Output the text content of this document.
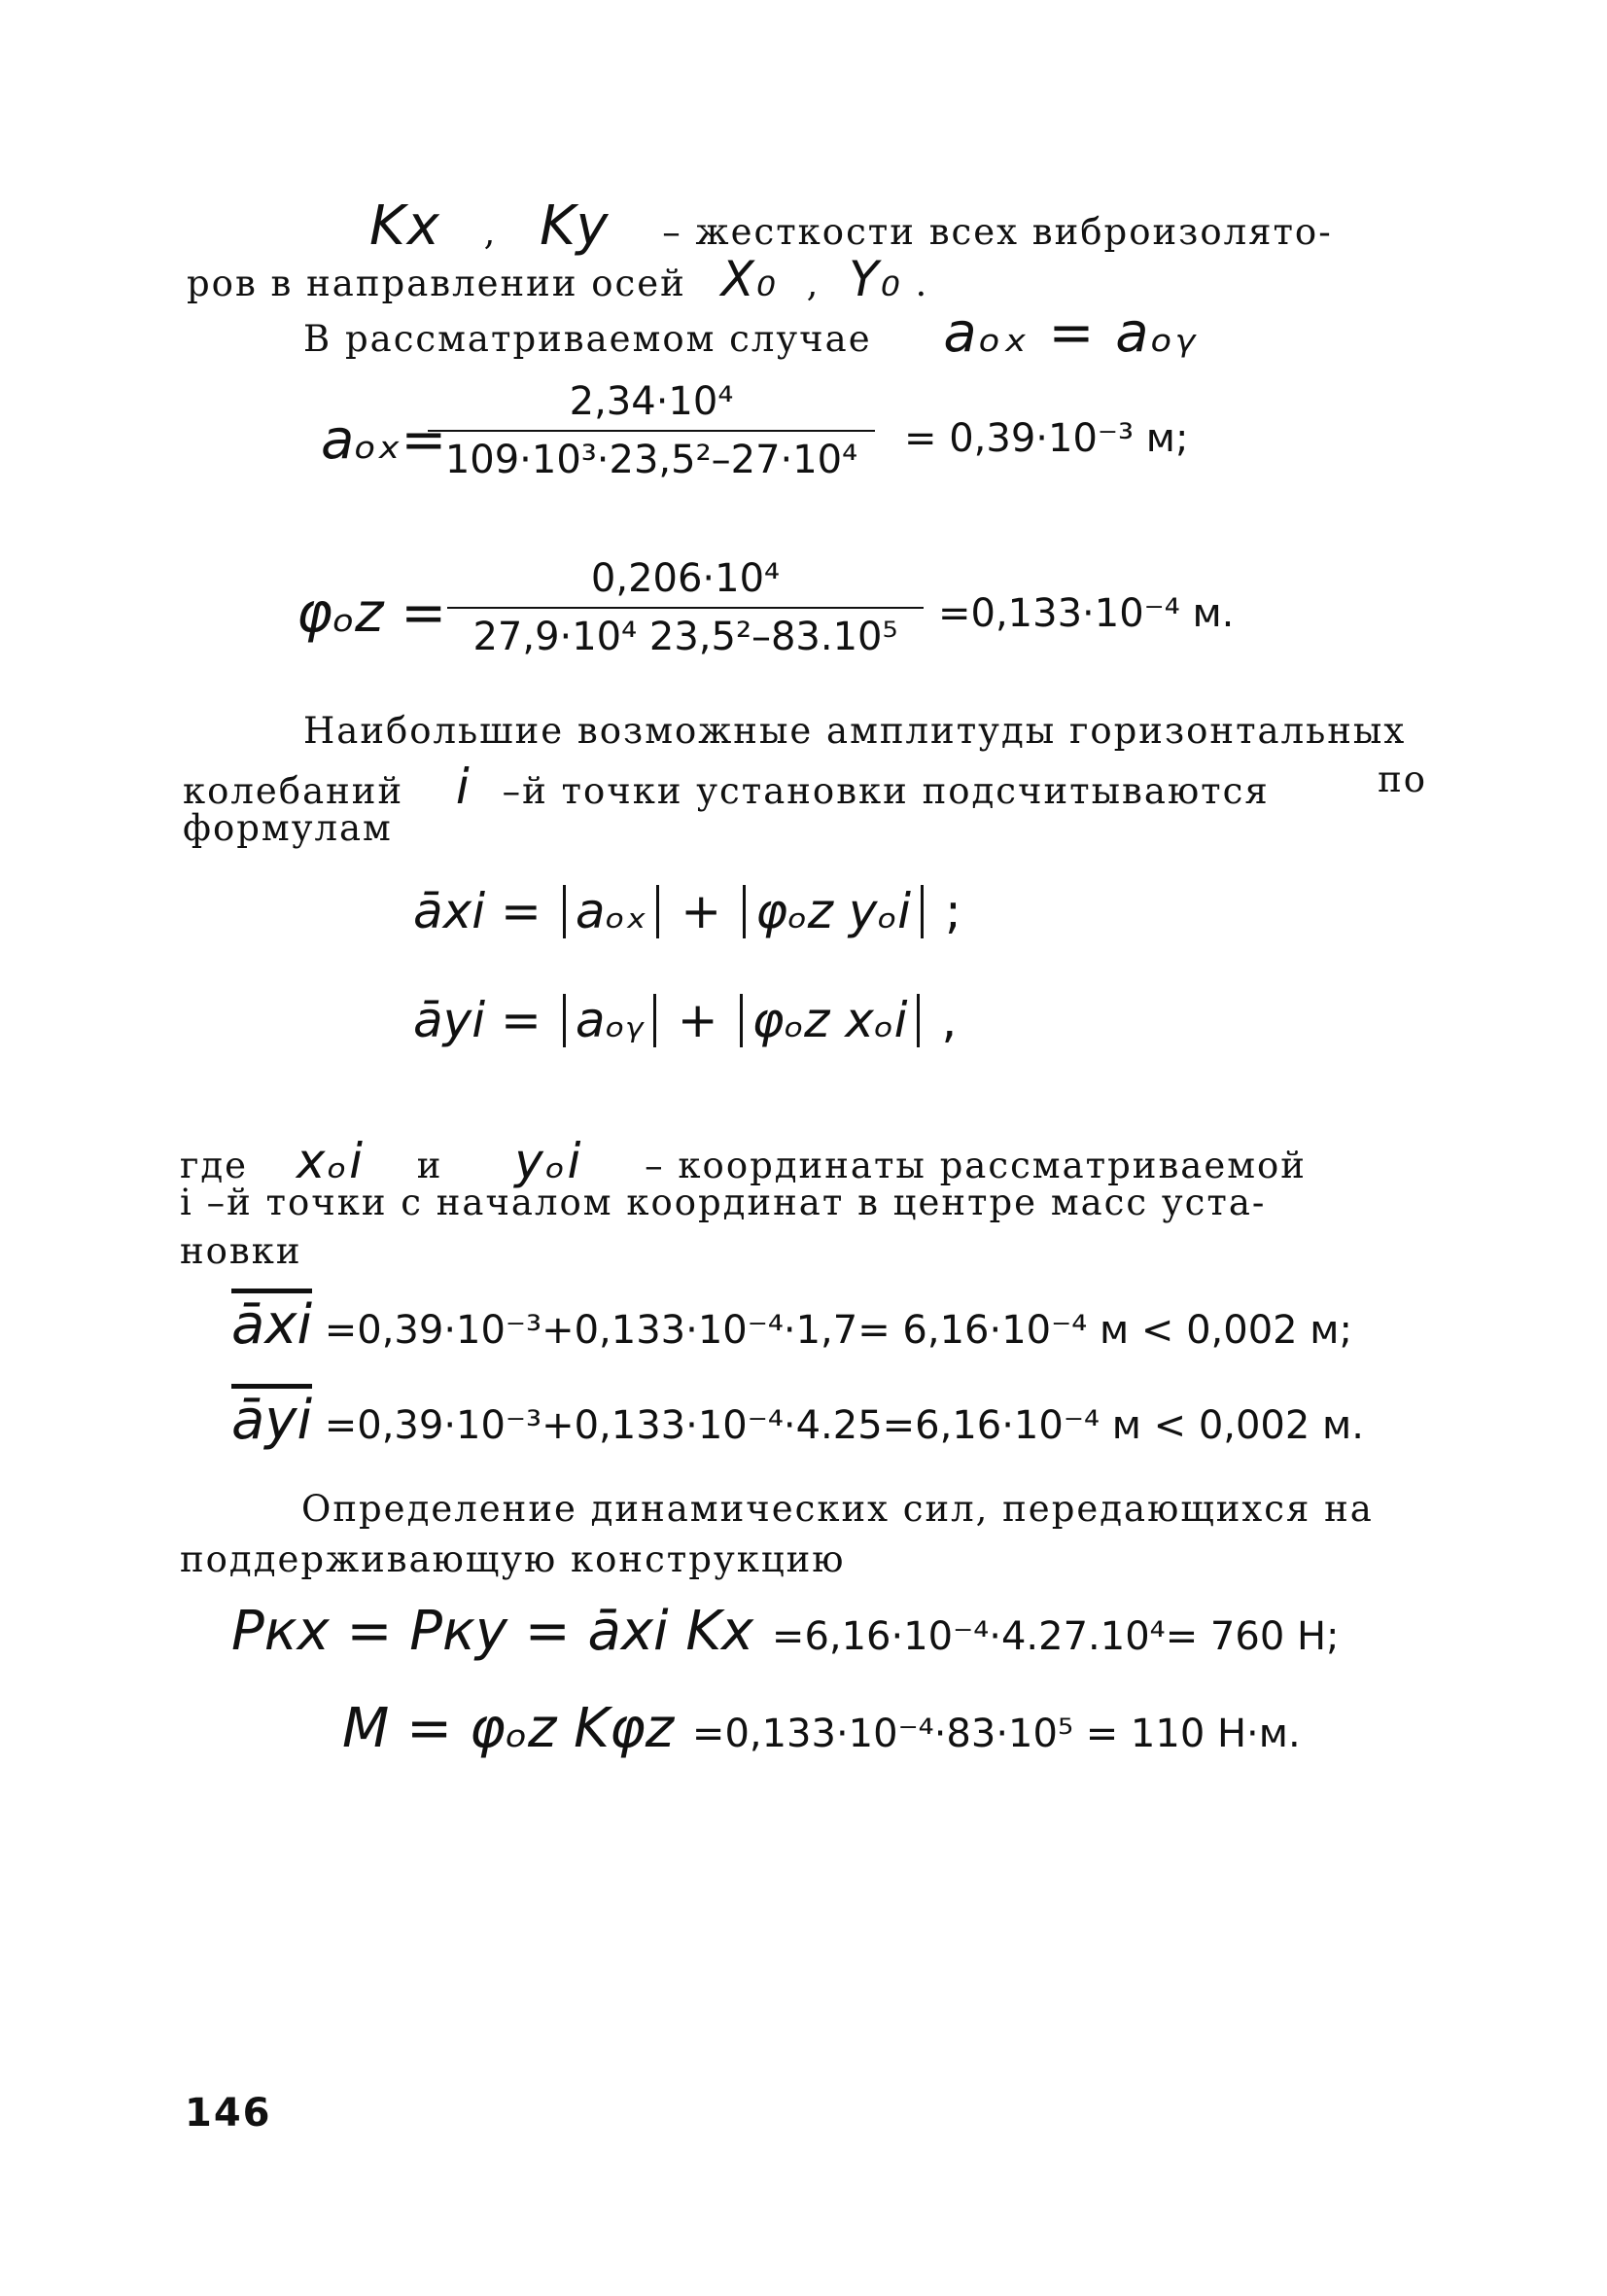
Kx , Ky – жесткости всех виброизолято-
ров в направлении осей X₀ , Y₀ .
В рассматриваемом случае aₒₓ = aₒᵧ
aₒₓ=
$\frac{\text{2,34·10⁴}}{\text{109·10³·23,5²–27·10⁴}} = 0,39\cdot 10^{-3}$ м;
$\varphi_oz = \frac{\text{0,206·10⁴}}{\text{27,9·10⁴ 23,5²–83.10⁵}} =0,133\cdot 10^{-4}$ м.
Наибольшие возможные амплитуды горизонтальных
колебаний i –й точки установки подсчитываются	по
формулам
āxi = aₒₓ + φₒz yₒi ;
āyi = aₒᵧ + φₒz xₒi ,
где xₒi и yₒi – координаты рассматриваемой
i –й точки с началом координат в центре масс уста-
новки
$\overline{āxi} =0,39\cdot 10^{-3}+0,133\cdot 10^{-4}\cdot 1,7= 6,16\cdot 10^{-4}$ м < 0,002 м;
$\overline{āyi} =0,39\cdot 10^{-3}+0,133\cdot 10^{-4}\cdot 4.25=6,16\cdot 10^{-4}$ м < 0,002 м.
Определение динамических сил, передающихся на
поддерживающую конструкцию
Pкx = Pкy = āxi Kx =6,16·10⁻⁴·4.27.10⁴= 760 Н;
M = φₒz Kφz =0,133·10⁻⁴·83·10⁵ = 110 Н·м.
146
